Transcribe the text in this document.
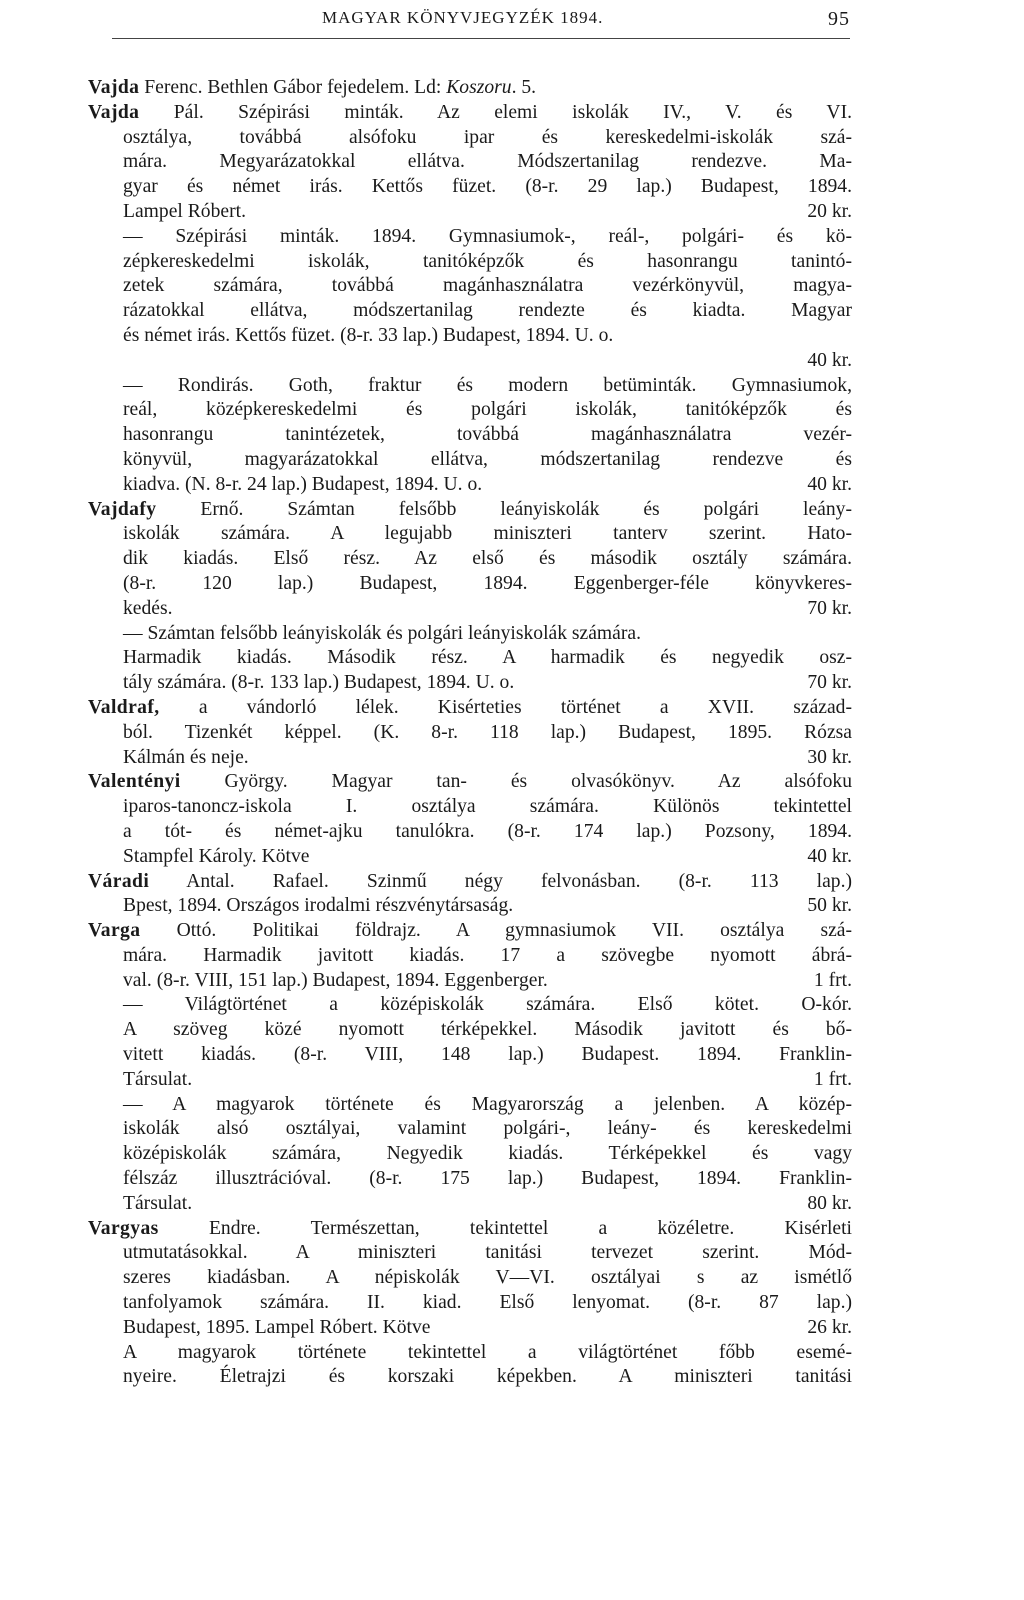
MAGYAR KÖNYVJEGYZÉK 1894.	95
Vajda Ferenc. Bethlen Gábor fejedelem. Ld: Koszoru. 5.
Vajda Pál. Szépirási minták. Az elemi iskolák IV., V. és VI.
osztálya, továbbá alsófoku ipar és kereskedelmi-iskolák szá-
mára. Megyarázatokkal ellátva. Módszertanilag rendezve. Ma-
gyar és német irás. Kettős füzet. (8-r. 29 lap.) Budapest, 1894.
Lampel Róbert.	20 kr.
— Szépirási minták. 1894. Gymnasiumok-, reál-, polgári- és kö-
zépkereskedelmi iskolák, tanitóképzők és hasonrangu tanintó-
zetek számára, továbbá magánhasználatra vezérkönyvül, magya-
rázatokkal ellátva, módszertanilag rendezte és kiadta. Magyar
és német irás. Kettős füzet. (8-r. 33 lap.) Budapest, 1894. U. o.
40 kr.
— Rondirás. Goth, fraktur és modern betüminták. Gymnasiumok,
reál, középkereskedelmi és polgári iskolák, tanitóképzők és
hasonrangu tanintézetek, továbbá magánhasználatra vezér-
könyvül, magyarázatokkal ellátva, módszertanilag rendezve és
kiadva. (N. 8-r. 24 lap.) Budapest, 1894. U. o.	40 kr.
Vajdafy Ernő. Számtan felsőbb leányiskolák és polgári leány-
iskolák számára. A legujabb miniszteri tanterv szerint. Hato-
dik kiadás. Első rész. Az első és második osztály számára.
(8-r. 120 lap.) Budapest, 1894. Eggenberger-féle könyvkeres-
kedés.	70 kr.
— Számtan felsőbb leányiskolák és polgári leányiskolák számára.
Harmadik kiadás. Második rész. A harmadik és negyedik osz-
tály számára. (8-r. 133 lap.) Budapest, 1894. U. o.	70 kr.
Valdraf, a vándorló lélek. Kisérteties történet a XVII. század-
ból. Tizenkét képpel. (K. 8-r. 118 lap.) Budapest, 1895. Rózsa
Kálmán és neje.	30 kr.
Valentényi György. Magyar tan- és olvasókönyv. Az alsófoku
iparos-tanoncz-iskola I. osztálya számára. Különös tekintettel
a tót- és német-ajku tanulókra. (8-r. 174 lap.) Pozsony, 1894.
Stampfel Károly. Kötve	40 kr.
Váradi Antal. Rafael. Szinmű négy felvonásban. (8-r. 113 lap.)
Bpest, 1894. Országos irodalmi részvénytársaság.	50 kr.
Varga Ottó. Politikai földrajz. A gymnasiumok VII. osztálya szá-
mára. Harmadik javitott kiadás. 17 a szövegbe nyomott ábrá-
val. (8-r. VIII, 151 lap.) Budapest, 1894. Eggenberger.	1 frt.
— Világtörténet a középiskolák számára. Első kötet. O-kór.
A szöveg közé nyomott térképekkel. Második javitott és bő-
vitett kiadás. (8-r. VIII, 148 lap.) Budapest. 1894. Franklin-
Társulat.	1 frt.
— A magyarok története és Magyarország a jelenben. A közép-
iskolák alsó osztályai, valamint polgári-, leány- és kereskedelmi
középiskolák számára, Negyedik kiadás. Térképekkel és vagy
félszáz illusztrációval. (8-r. 175 lap.) Budapest, 1894. Franklin-
Társulat.	80 kr.
Vargyas Endre. Természettan, tekintettel a közéletre. Kisérleti
utmutatásokkal. A miniszteri tanitási tervezet szerint. Mód-
szeres kiadásban. A népiskolák V—VI. osztályai s az ismétlő
tanfolyamok számára. II. kiad. Első lenyomat. (8-r. 87 lap.)
Budapest, 1895. Lampel Róbert. Kötve	26 kr.
A magyarok története tekintettel a világtörténet főbb esemé-
nyeire. Életrajzi és korszaki képekben. A miniszteri tanitási
